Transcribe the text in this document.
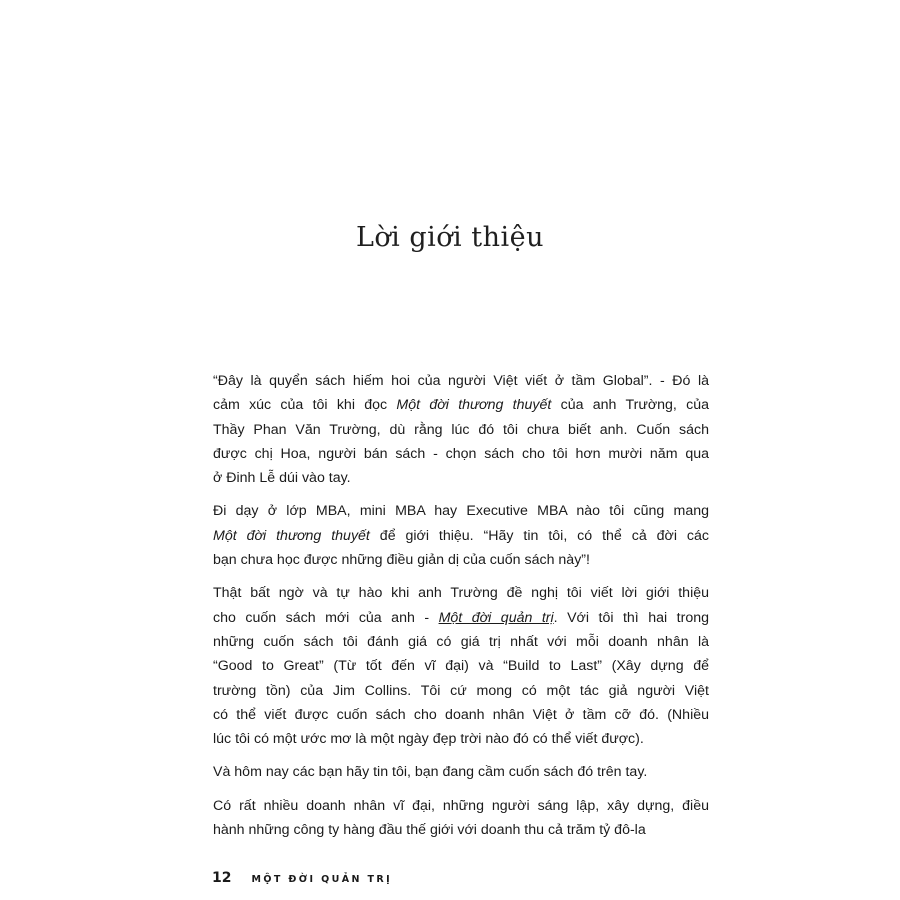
Lời giới thiệu

“Đây là quyển sách hiếm hoi của người Việt viết ở tầm Global”. - Đó là
cảm xúc của tôi khi đọc Một đời thương thuyết của anh Trường, của
Thầy Phan Văn Trường, dù rằng lúc đó tôi chưa biết anh. Cuốn sách
được chị Hoa, người bán sách - chọn sách cho tôi hơn mười năm qua
ở Đinh Lễ dúi vào tay.

Đi dạy ở lớp MBA, mini MBA hay Executive MBA nào tôi cũng mang
Một đời thương thuyết để giới thiệu. “Hãy tin tôi, có thể cả đời các
bạn chưa học được những điều giản dị của cuốn sách này”!

Thật bất ngờ và tự hào khi anh Trường đề nghị tôi viết lời giới thiệu
cho cuốn sách mới của anh - Một đời quản trị. Với tôi thì hai trong
những cuốn sách tôi đánh giá có giá trị nhất với mỗi doanh nhân là
“Good to Great” (Từ tốt đến vĩ đại) và “Build to Last” (Xây dựng để
trường tồn) của Jim Collins. Tôi cứ mong có một tác giả người Việt
có thể viết được cuốn sách cho doanh nhân Việt ở tầm cỡ đó. (Nhiều
lúc tôi có một ước mơ là một ngày đẹp trời nào đó có thể viết được).

Và hôm nay các bạn hãy tin tôi, bạn đang cầm cuốn sách đó trên tay.

Có rất nhiều doanh nhân vĩ đại, những người sáng lập, xây dựng, điều
hành những công ty hàng đầu thế giới với doanh thu cả trăm tỷ đô-la

12 MỘT ĐỜI QUẢN TRỊ
